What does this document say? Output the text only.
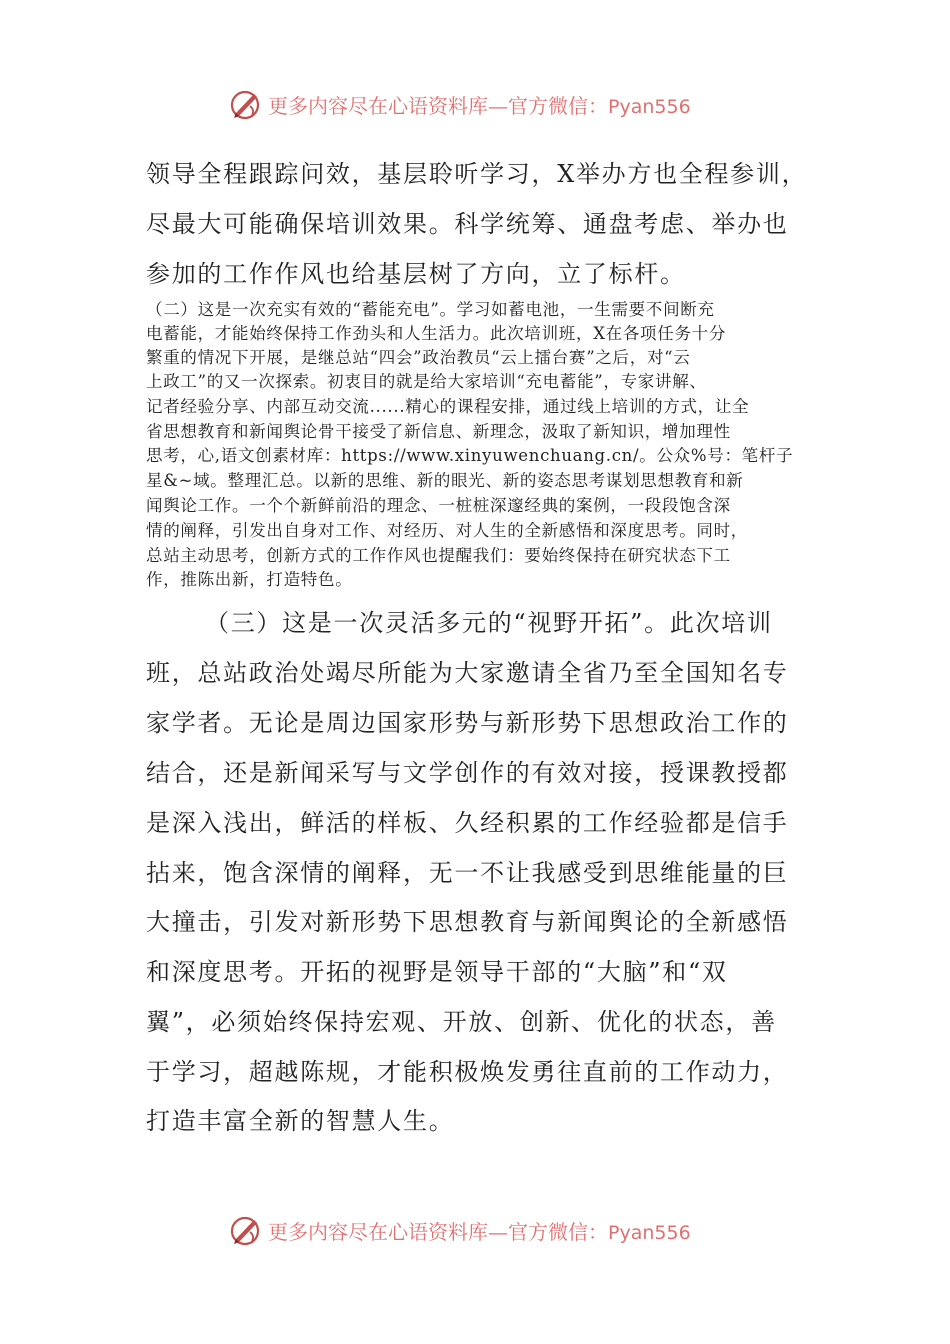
更多内容尽在心语资料库—官方微信：Pyan556
领导全程跟踪问效，基层聆听学习，X举办方也全程参训，
尽最大可能确保培训效果。科学统筹、通盘考虑、举办也
参加的工作作风也给基层树了方向，立了标杆。
（二）这是一次充实有效的“蓄能充电”。学习如蓄电池，一生需要不间断充
电蓄能，才能始终保持工作劲头和人生活力。此次培训班，X在各项任务十分
繁重的情况下开展，是继总站“四会”政治教员“云上擂台赛”之后，对“云
上政工”的又一次探索。初衷目的就是给大家培训“充电蓄能”，专家讲解、
记者经验分享、内部互动交流......精心的课程安排，通过线上培训的方式，让全
省思想教育和新闻舆论骨干接受了新信息、新理念，汲取了新知识，增加理性
思考，心,语文创素材库：https://www.xinyuwenchuang.cn/。公众%号：笔杆子
星&~域。整理汇总。以新的思维、新的眼光、新的姿态思考谋划思想教育和新
闻舆论工作。一个个新鲜前沿的理念、一桩桩深邃经典的案例，一段段饱含深
情的阐释，引发出自身对工作、对经历、对人生的全新感悟和深度思考。同时，
总站主动思考，创新方式的工作作风也提醒我们：要始终保持在研究状态下工
作，推陈出新，打造特色。
（三）这是一次灵活多元的“视野开拓”。此次培训
班，总站政治处竭尽所能为大家邀请全省乃至全国知名专
家学者。无论是周边国家形势与新形势下思想政治工作的
结合，还是新闻采写与文学创作的有效对接，授课教授都
是深入浅出，鲜活的样板、久经积累的工作经验都是信手
拈来，饱含深情的阐释，无一不让我感受到思维能量的巨
大撞击，引发对新形势下思想教育与新闻舆论的全新感悟
和深度思考。开拓的视野是领导干部的“大脑”和“双
翼”，必须始终保持宏观、开放、创新、优化的状态，善
于学习，超越陈规，才能积极焕发勇往直前的工作动力，
打造丰富全新的智慧人生。
更多内容尽在心语资料库—官方微信：Pyan556
